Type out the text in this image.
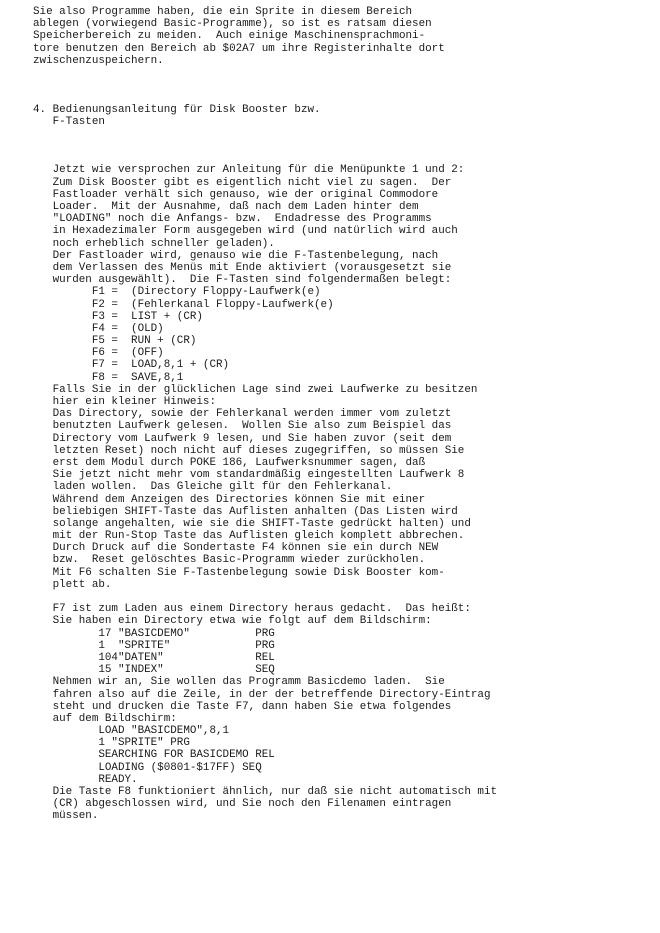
Sie also Programme haben, die ein Sprite in diesem Bereich
ablegen (vorwiegend Basic-Programme), so ist es ratsam diesen
Speicherbereich zu meiden.  Auch einige Maschinensprachmoni-
tore benutzen den Bereich ab $02A7 um ihre Registerinhalte dort
zwischenzuspeichern.
4. Bedienungsanleitung für Disk Booster bzw.
F-Tasten
Jetzt wie versprochen zur Anleitung für die Menüpunkte 1 und 2:
Zum Disk Booster gibt es eigentlich nicht viel zu sagen.  Der
Fastloader verhält sich genauso, wie der original Commodore
Loader.  Mit der Ausnahme, daß nach dem Laden hinter dem
"LOADING" noch die Anfangs- bzw.  Endadresse des Programms
in Hexadezimaler Form ausgegeben wird (und natürlich wird auch
noch erheblich schneller geladen).
Der Fastloader wird, genauso wie die F-Tastenbelegung, nach
dem Verlassen des Menüs mit Ende aktiviert (vorausgesetzt sie
wurden ausgewählt).  Die F-Tasten sind folgendermaßen belegt:
F1 =  (Directory Floppy-Laufwerk(e)
F2 =  (Fehlerkanal Floppy-Laufwerk(e)
F3 =  LIST + (CR)
F4 =  (OLD)
F5 =  RUN + (CR)
F6 =  (OFF)
F7 =  LOAD,8,1 + (CR)
F8 =  SAVE,8,1
Falls Sie in der glücklichen Lage sind zwei Laufwerke zu besitzen
hier ein kleiner Hinweis:
Das Directory, sowie der Fehlerkanal werden immer vom zuletzt
benutzten Laufwerk gelesen.  Wollen Sie also zum Beispiel das
Directory vom Laufwerk 9 lesen, und Sie haben zuvor (seit dem
letzten Reset) noch nicht auf dieses zugegriffen, so müssen Sie
erst dem Modul durch POKE 186, Laufwerksnummer sagen, daß
Sie jetzt nicht mehr vom standardmäßig eingestellten Laufwerk 8
laden wollen.  Das Gleiche gilt für den Fehlerkanal.
Während dem Anzeigen des Directories können Sie mit einer
beliebigen SHIFT-Taste das Auflisten anhalten (Das Listen wird
solange angehalten, wie sie die SHIFT-Taste gedrückt halten) und
mit der Run-Stop Taste das Auflisten gleich komplett abbrechen.
Durch Druck auf die Sondertaste F4 können sie ein durch NEW
bzw.  Reset gelöschtes Basic-Programm wieder zurückholen.
Mit F6 schalten Sie F-Tastenbelegung sowie Disk Booster kom-
plett ab.
F7 ist zum Laden aus einem Directory heraus gedacht.  Das heißt:
Sie haben ein Directory etwa wie folgt auf dem Bildschirm:
17 "BASICDEMO"          PRG
1  "SPRITE"             PRG
104"DATEN"              REL
15 "INDEX"              SEQ
Nehmen wir an, Sie wollen das Programm Basicdemo laden.  Sie
fahren also auf die Zeile, in der der betreffende Directory-Eintrag
steht und drucken die Taste F7, dann haben Sie etwa folgendes
auf dem Bildschirm:
LOAD "BASICDEMO",8,1
1 "SPRITE" PRG
SEARCHING FOR BASICDEMO REL
LOADING ($0801-$17FF) SEQ
READY.
Die Taste F8 funktioniert ähnlich, nur daß sie nicht automatisch mit
(CR) abgeschlossen wird, und Sie noch den Filenamen eintragen
müssen.
